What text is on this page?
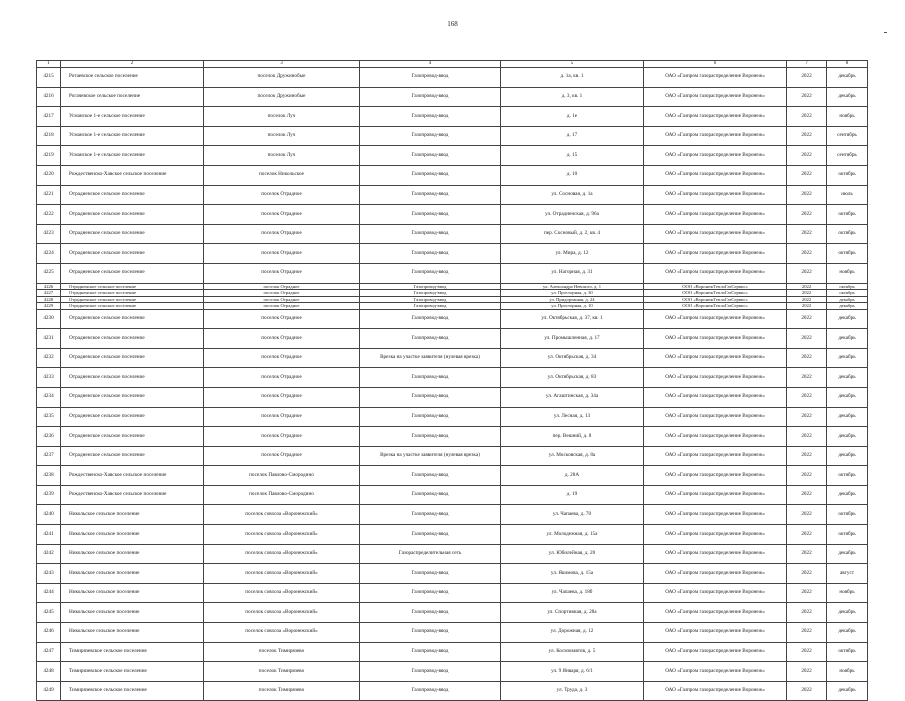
168
1	2	3	4	5	6	7	8
4215	Ротаевское сельское поселение	поселок Дружинобые	Газопровод-ввод	д. 1а, кв. 1	ОАО «Газпром газораспределение Воронеж»	2022	декабрь
4216	Рогачевское сельское поселение	поселок Дружинобые	Газопровод-ввод	д. 3, кв. 1	ОАО «Газпром газораспределение Воронеж»	2022	декабрь
4217	Усманское 1-е сельское поселение	поселок Луч	Газопровод-ввод	д. 1е	ОАО «Газпром газораспределение Воронеж»	2022	ноябрь
4218	Усманское 1-е сельское поселение	поселок Луч	Газопровод-ввод	д. 17	ОАО «Газпром газораспределение Воронеж»	2022	сентябрь
4219	Усманское 1-е сельское поселение	поселок Луч	Газопровод-ввод	д. 15	ОАО «Газпром газораспределение Воронеж»	2022	сентябрь
4220	Рождественско-Хавское сельское поселение	поселок Никольское	Газопровод-ввод	д. 10	ОАО «Газпром газораспределение Воронеж»	2022	октябрь
4221	Отрадненское сельское поселение	поселок Отрадное	Газопровод-ввод	ул. Сосновая, д. 1а	ОАО «Газпром газораспределение Воронеж»	2022	июль
4222	Отрадненское сельское поселение	поселок Отрадное	Газопровод-ввод	ул. Отрадненская, д. 96а	ОАО «Газпром газораспределение Воронеж»	2022	октябрь
4223	Отрадненское сельское поселение	поселок Отрадное	Газопровод-ввод	пер. Сосновый, д. 2, кв. 4	ОАО «Газпром газораспределение Воронеж»	2022	октябрь
4224	Отрадненское сельское поселение	поселок Отрадное	Газопровод-ввод	ул. Мира, д. 12	ОАО «Газпром газораспределение Воронеж»	2022	октябрь
4225	Отрадненское сельское поселение	поселок Отрадное	Газопровод-ввод	ул. Нагорная, д. 31	ОАО «Газпром газораспределение Воронеж»	2022	ноябрь
4226	Отрадненское сельское поселение	поселок Отрадное	Газопровод-ввод	ул. Александра Невского, д. 1	ООО «ВоронежТеплоГазСервис»	2022	октябрь
4227	Отрадненское сельское поселение	поселок Отрадное	Газопровод-ввод	ул. Просторная, д. 30	ООО «ВоронежТеплоГазСервис»	2022	октябрь
4228	Отрадненское сельское поселение	поселок Отрадное	Газопровод-ввод	ул. Придорожная, д. 24	ООО «ВоронежТеплоГазСервис»	2022	декабрь
4229	Отрадненское сельское поселение	поселок Отрадное	Газопровод-ввод	ул. Просторная, д. 10	ООО «ВоронежТеплоГазСервис»	2022	декабрь
4230	Отрадненское сельское поселение	поселок Отрадное	Газопровод-ввод	ул. Октябрьская, д. 37, кв. 1	ОАО «Газпром газораспределение Воронеж»	2022	декабрь
4231	Отрадненское сельское поселение	поселок Отрадное	Газопровод-ввод	ул. Промышленная, д. 17	ОАО «Газпром газораспределение Воронеж»	2022	декабрь
4232	Отрадненское сельское поселение	поселок Отрадное	Врезка на участке заявителя (нулевая врезка)	ул. Октябрьская, д. 34	ОАО «Газпром газораспределение Воронеж»	2022	декабрь
4233	Отрадненское сельское поселение	поселок Отрадное	Газопровод-ввод	ул. Октябрьская, д. 83	ОАО «Газпром газораспределение Воронеж»	2022	декабрь
4234	Отрадненское сельское поселение	поселок Отрадное	Газопровод-ввод	ул. Агаштинская, д. 34а	ОАО «Газпром газораспределение Воронеж»	2022	декабрь
4235	Отрадненское сельское поселение	поселок Отрадное	Газопровод-ввод	ул. Лесная, д. 13	ОАО «Газпром газораспределение Воронеж»	2022	декабрь
4236	Отрадненское сельское поселение	поселок Отрадное	Газопровод-ввод	пер. Вешний, д. 8	ОАО «Газпром газораспределение Воронеж»	2022	декабрь
4237	Отрадненское сельское поселение	поселок Отрадное	Врезка на участке заявителя (нулевая врезка)	ул. Московская, д. 8а	ОАО «Газпром газораспределение Воронеж»	2022	декабрь
4238	Рождественско-Хавское сельское поселение	поселок Павлово-Смородино	Газопровод-ввод	д. 28А	ОАО «Газпром газораспределение Воронеж»	2022	октябрь
4239	Рождественско-Хавское сельское поселение	поселок Павлово-Смородино	Газопровод-ввод	д. 19	ОАО «Газпром газораспределение Воронеж»	2022	декабрь
4240	Никольское сельское поселение	поселок совхоза «Воронежский»	Газопровод-ввод	ул. Чапаева, д. 70	ОАО «Газпром газораспределение Воронеж»	2022	октябрь
4241	Никольское сельское поселение	поселок совхоза «Воронежский»	Газопровод-ввод	ул. Молодежная, д. 15а	ОАО «Газпром газораспределение Воронеж»	2022	октябрь
4242	Никольское сельское поселение	поселок совхоза «Воронежский»	Газораспределительная сеть	ул. Юбилейная, д. 20	ОАО «Газпром газораспределение Воронеж»	2022	декабрь
4243	Никольское сельское поселение	поселок совхоза «Воронежский»	Газопровод-ввод	ул. Якимова, д. 15а	ОАО «Газпром газораспределение Воронеж»	2022	август
4244	Никольское сельское поселение	поселок совхоза «Воронежский»	Газопровод-ввод	ул. Чапаева, д. 18б	ОАО «Газпром газораспределение Воронеж»	2022	ноябрь
4245	Никольское сельское поселение	поселок совхоза «Воронежский»	Газопровод-ввод	ул. Спортивная, д. 28а	ОАО «Газпром газораспределение Воронеж»	2022	декабрь
4246	Никольское сельское поселение	поселок совхоза «Воронежский»	Газопровод-ввод	ул. Дорожная, д. 12	ОАО «Газпром газораспределение Воронеж»	2022	декабрь
4247	Тимирязевское сельское поселение	поселок Тимирязево	Газопровод-ввод	ул. Космонавтов, д. 5	ОАО «Газпром газораспределение Воронеж»	2022	октябрь
4248	Тимирязевское сельское поселение	поселок Тимирязево	Газопровод-ввод	ул. 9 Января, д. 6/1	ОАО «Газпром газораспределение Воронеж»	2022	ноябрь
4249	Тимирязевское сельское поселение	поселок Тимирязево	Газопровод-ввод	ул. Труда, д. 3	ОАО «Газпром газораспределение Воронеж»	2022	декабрь
